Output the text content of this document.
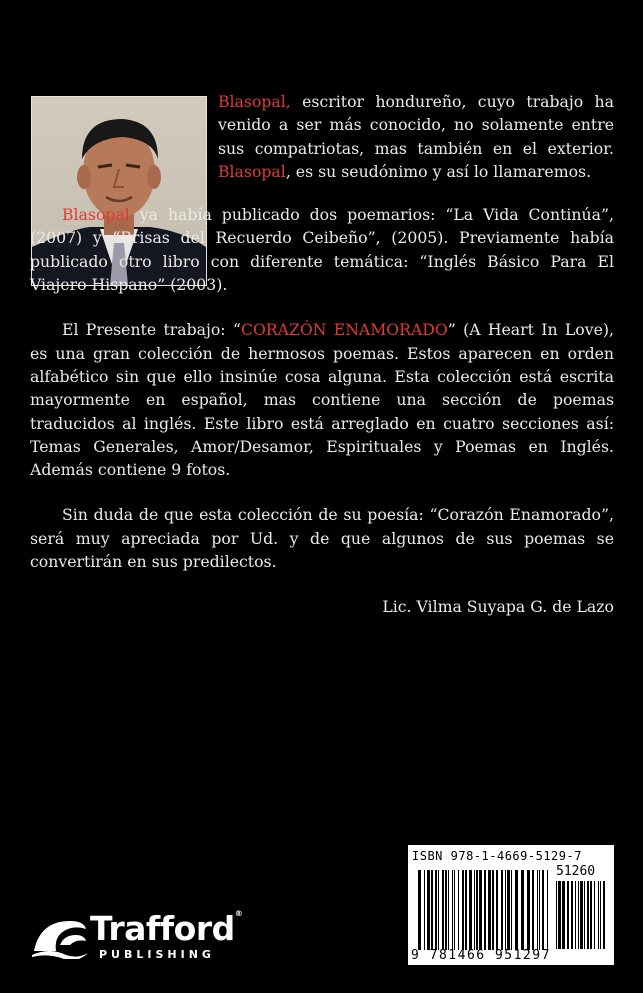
Blasopal, escritor hondureño, cuyo trabajo ha venido a ser más conocido, no solamente entre sus compatriotas, mas también en el exterior. Blasopal, es su seudónimo y así lo llamaremos.

Blasopal ya había publicado dos poemarios: “La Vida Continúa”, (2007) y “Brisas del Recuerdo Ceibeño”, (2005). Previamente había publicado otro libro con diferente temática: “Inglés Básico Para El Viajero Hispano” (2003).

El Presente trabajo: “CORAZÓN ENAMORADO” (A Heart In Love), es una gran colección de hermosos poemas. Estos aparecen en orden alfabético sin que ello insinúe cosa alguna. Esta colección está escrita mayormente en español, mas contiene una sección de poemas traducidos al inglés. Este libro está arreglado en cuatro secciones así: Temas Generales, Amor/Desamor, Espirituales y Poemas en Inglés. Además contiene 9 fotos.

Sin duda de que esta colección de su poesía: “Corazón Enamorado”, será muy apreciada por Ud. y de que algunos de sus poemas se convertirán en sus predilectos.

Lic. Vilma Suyapa G. de Lazo

Trafford®
PUBLISHING
ISBN 978-1-4669-5129-7
51260
9 781466 951297
